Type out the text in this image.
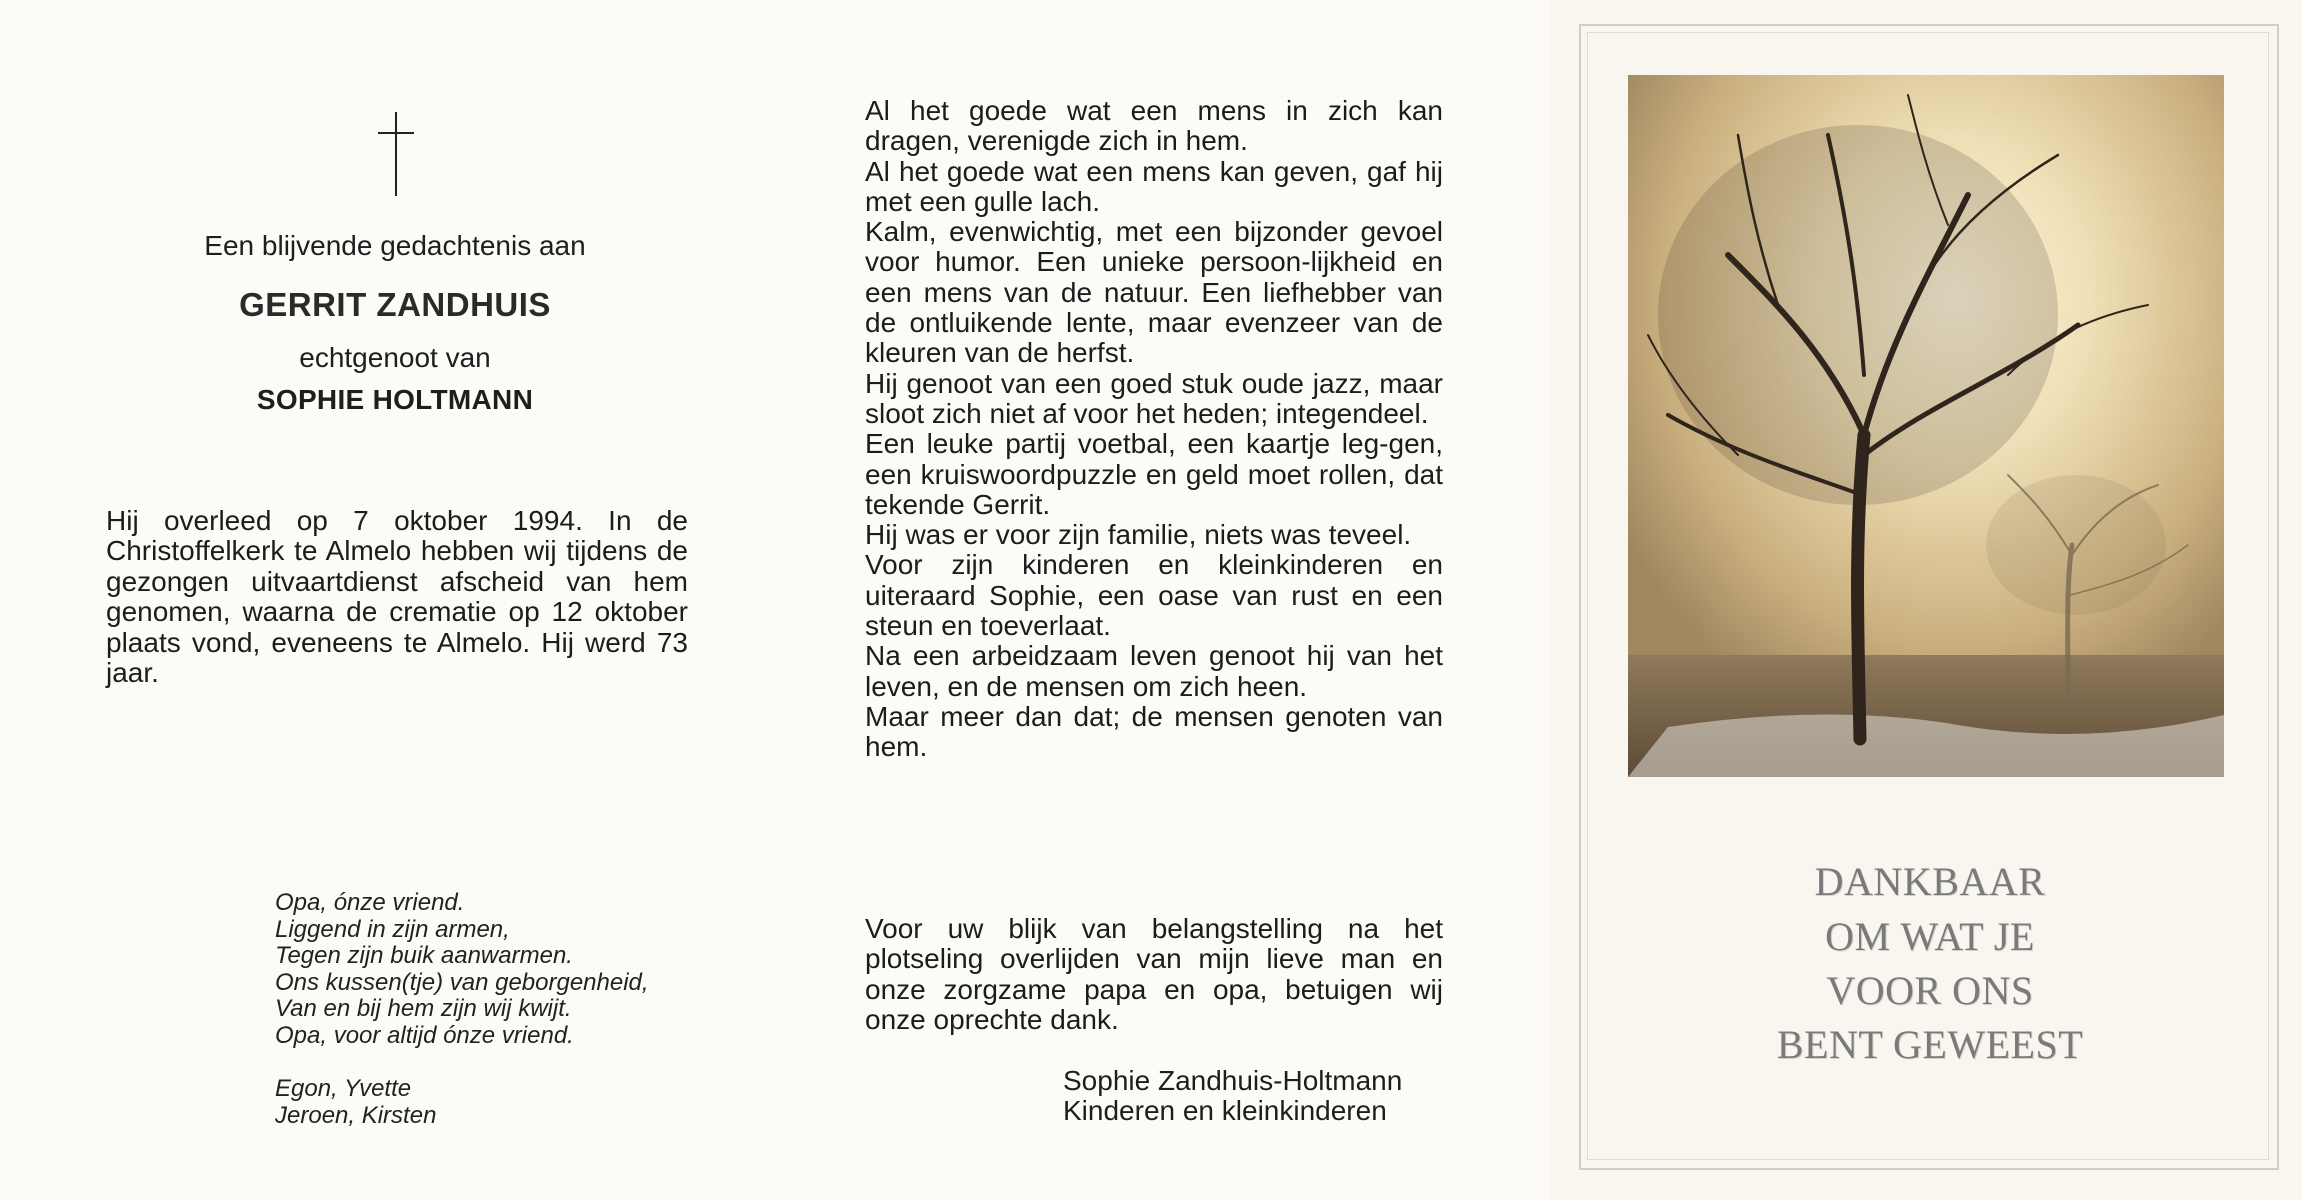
Een blijvende gedachtenis aan

GERRIT ZANDHUIS

echtgenoot van

SOPHIE HOLTMANN

Hij overleed op 7 oktober 1994. In de Christoffelkerk te Almelo hebben wij tijdens de gezongen uitvaartdienst afscheid van hem genomen, waarna de crematie op 12 oktober plaats vond, eveneens te Almelo. Hij werd 73 jaar.

Opa, ónze vriend.
Liggend in zijn armen,
Tegen zijn buik aanwarmen.
Ons kussen(tje) van geborgenheid,
Van en bij hem zijn wij kwijt.
Opa, voor altijd ónze vriend.
Egon, Yvette
Jeroen, Kirsten
Al het goede wat een mens in zich kan dragen, verenigde zich in hem.
Al het goede wat een mens kan geven, gaf hij met een gulle lach.
Kalm, evenwichtig, met een bijzonder gevoel voor humor. Een unieke persoon-lijkheid en een mens van de natuur. Een liefhebber van de ontluikende lente, maar evenzeer van de kleuren van de herfst.
Hij genoot van een goed stuk oude jazz, maar sloot zich niet af voor het heden; integendeel.
Een leuke partij voetbal, een kaartje leg-gen, een kruiswoordpuzzle en geld moet rollen, dat tekende Gerrit.
Hij was er voor zijn familie, niets was teveel.
Voor zijn kinderen en kleinkinderen en uiteraard Sophie, een oase van rust en een steun en toeverlaat.
Na een arbeidzaam leven genoot hij van het leven, en de mensen om zich heen.
Maar meer dan dat; de mensen genoten van hem.

Voor uw blijk van belangstelling na het plotseling overlijden van mijn lieve man en onze zorgzame papa en opa, betuigen wij onze oprechte dank.

Sophie Zandhuis-Holtmann

Kinderen en kleinkinderen

DANKBAAR

OM WAT JE

VOOR ONS

BENT GEWEEST
